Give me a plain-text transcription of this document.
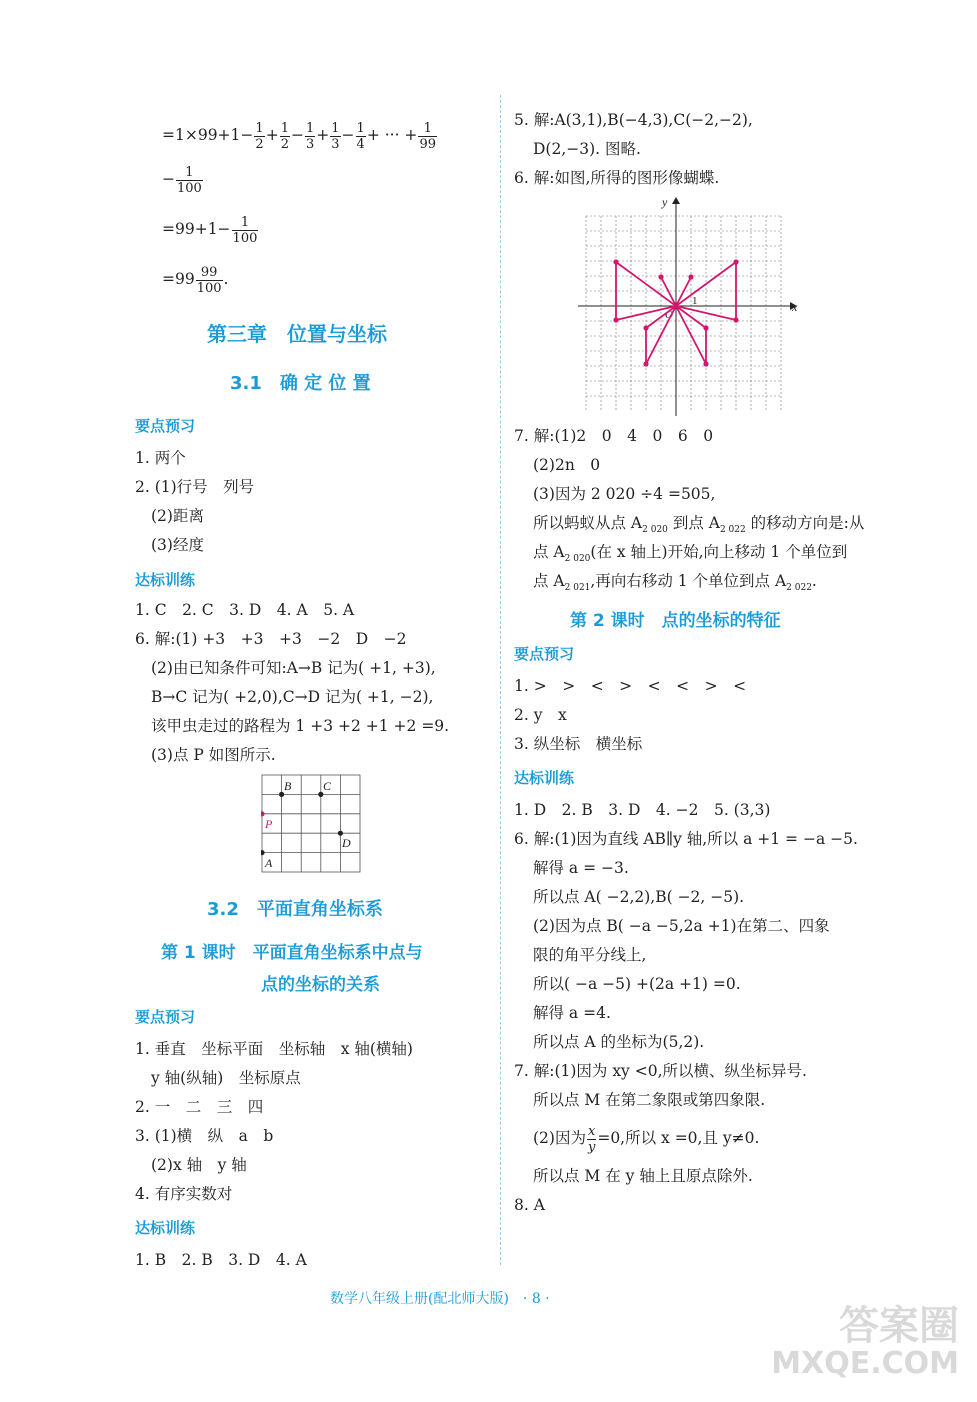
$=1\times 99+1- \frac{1}{2} + \frac{1}{2} - \frac{1}{3} + \frac{1}{3} - \frac{1}{4}$ + ··· + $\frac{1}{99}$
− $\frac{1}{100}$
$=99+1- \frac{1}{100}$
$=99 \frac{99}{100}$ .
第三章　位置与坐标
3.1　确 定 位 置
要点预习
1. 两个
2. (1)行号　列号
(2)距离
(3)经度
达标训练
1. C　2. C　3. D　4. A　5. A
6. 解:(1) +3　+3　+3　−2　D　−2
(2)由已知条件可知:A→B 记为( +1, +3),
B→C 记为( +2,0),C→D 记为( +1, −2),
该甲虫走过的路程为 1 +3 +2 +1 +2 =9.
(3)点 P 如图所示.
B	C
P
D
A
3.2　平面直角坐标系
第 1 课时　平面直角坐标系中点与
点的坐标的关系
要点预习
1. 垂直　坐标平面　坐标轴　x 轴(横轴)
y 轴(纵轴)　坐标原点
2. 一　二　三　四
3. (1)横　纵　a　b
(2)x 轴　y 轴
4. 有序实数对
达标训练
1. B　2. B　3. D　4. A
5. 解:A(3,1),B(−4,3),C(−2,−2),
D(2,−3). 图略.
6. 解:如图,所得的图形像蝴蝶.
x
y
O
1
7. 解:(1)2　0　4　0　6　0
(2)2n　0
(3)因为 2 020 ÷4 =505,
所以蚂蚁从点 $A_{2 020}$ 到点 $A_{2 022}$ 的移动方向是:从
点 $A_{2 020}$(在 x 轴上)开始,向上移动 1 个单位到
点 $A_{2 021}$,再向右移动 1 个单位到点 $A_{2 022}$.
第 2 课时　点的坐标的特征
要点预习
1. >　>　<　>　<　<　>　<
2. y　x
3. 纵坐标　横坐标
达标训练
1. D　2. B　3. D　4. −2　5. (3,3)
6. 解:(1)因为直线 AB∥y 轴,所以 a +1 = −a −5.
解得 a = −3.
所以点 A( −2,2),B( −2, −5).
(2)因为点 B( −a −5,2a +1)在第二、四象
限的角平分线上,
所以( −a −5) +(2a +1) =0.
解得 a =4.
所以点 A 的坐标为(5,2).
7. 解:(1)因为 xy <0,所以横、纵坐标异号.
所以点 M 在第二象限或第四象限.
(2)因为 $\frac{x}{y} =0$,所以 x =0,且 y≠0.
所以点 M 在 y 轴上且原点除外.
8. A
数学八年级上册(配北师大版)　· 8 ·
答案圈
MXQE.COM
